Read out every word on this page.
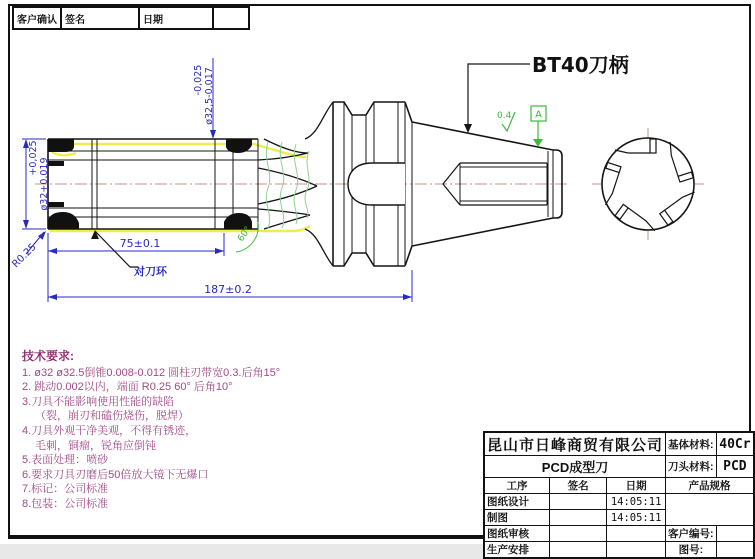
-0,025 ø32,5-0,017
+0,025 ø32+0,019
R0.25	75±0.1
187±0.2
对刀环
BT40刀柄
0.4 A
60°
客户确认	签名	日期	
技术要求:
1. ø32 ø32.5倒锥0.008-0.012 圆柱刃带宽0.3.后角15°
2. 跳动0.002以内，端面 R0.25 60° 后角10°
3.刀具不能影响使用性能的缺陷
（裂，崩刃和磕伤烧伤，脱焊）
4.刀具外观干净美观，不得有锈迹，
毛刺，铜瘤，锐角应倒钝
5.表面处理：喷砂
6.要求刀具刃磨后50倍放大镜下无爆口
7.标记：公司标准
8.包装：公司标准
昆山市日峰商贸有限公司			基体材料:	40Cr
PCD成型刀			刀头材料:	PCD
工序	签名	日期	产品规格	
图纸设计		14:05:11		
制图		14:05:11		
图纸审核			客户编号:	
生产安排			图号:	
